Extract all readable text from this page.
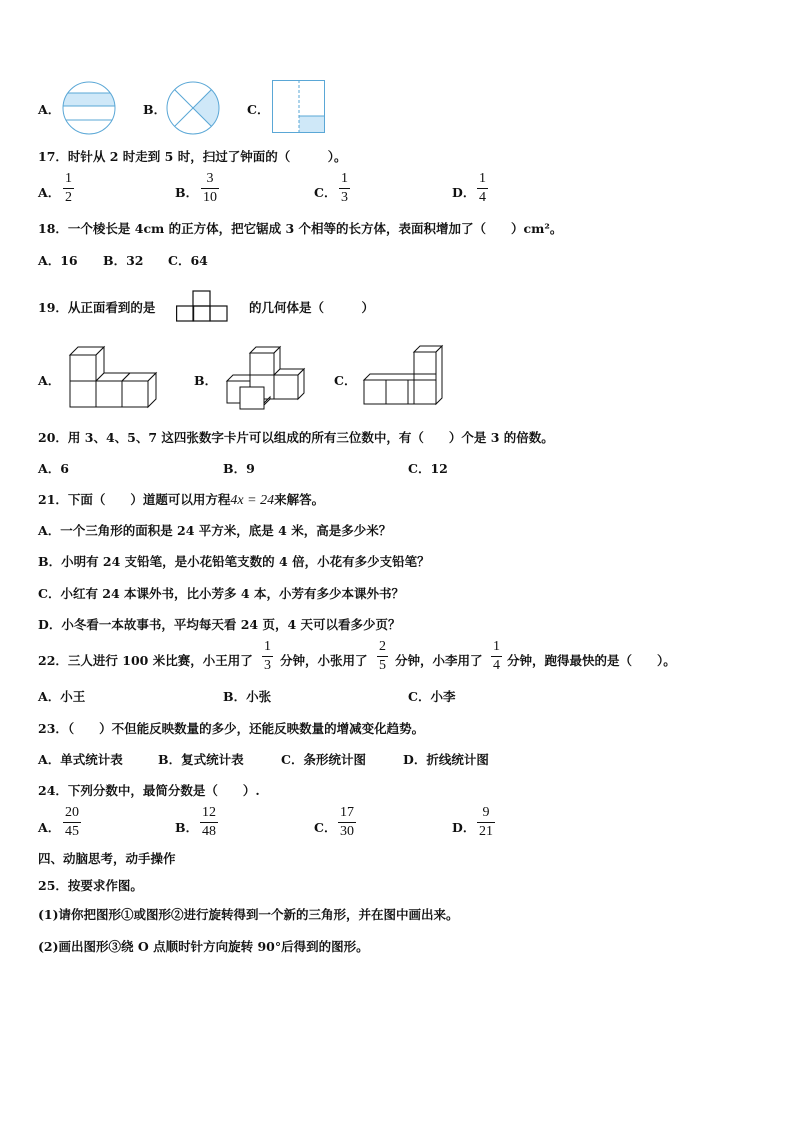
A．	B．	C．
17．时针从 2 时走到 5 时，扫过了钟面的（　　　）。
A． $\frac{1}{2}$	B． $\frac{3}{10}$	C． $\frac{1}{3}$	D． $\frac{1}{4}$
18．一个棱长是 4cm 的正方体，把它锯成 3 个相等的长方体，表面积增加了（　　）cm²。
A．16 B．32 C．64
19．从正面看到的是	的几何体是（　　　）
A．	B．	C．
20．用 3、4、5、7 这四张数字卡片可以组成的所有三位数中，有（　　）个是 3 的倍数。
A．6	B．9	C．12
21．下面（　　）道题可以用方程4x = 24来解答。
A．一个三角形的面积是 24 平方米，底是 4 米，高是多少米？
B．小明有 24 支铅笔，是小花铅笔支数的 4 倍，小花有多少支铅笔？
C．小红有 24 本课外书，比小芳多 4 本，小芳有多少本课外书？
D．小冬看一本故事书，平均每天看 24 页，4 天可以看多少页？
22．三人进行 100 米比赛，小王用了 $\frac{1}{3}$ 分钟，小张用了 $\frac{2}{5}$ 分钟，小李用了 $\frac{1}{4}$ 分钟，跑得最快的是（　　）。
A．小王	B．小张	C．小李
23．（　　）不但能反映数量的多少，还能反映数量的增减变化趋势。
A．单式统计表	B．复式统计表	C．条形统计图	D．折线统计图
24．下列分数中，最简分数是（　　）.
A． $\frac{20}{45}$	B． $\frac{12}{48}$	C． $\frac{17}{30}$	D． $\frac{9}{21}$
四、动脑思考，动手操作
25．按要求作图。
(1)请你把图形①或图形②进行旋转得到一个新的三角形，并在图中画出来。
(2)画出图形③绕 O 点顺时针方向旋转 90°后得到的图形。
